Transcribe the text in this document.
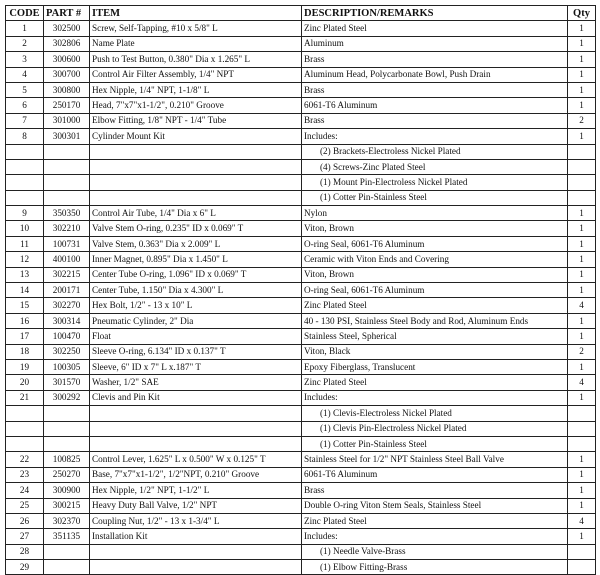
CODE	PART #	ITEM	DESCRIPTION/REMARKS	Qty
1	302500	Screw, Self-Tapping, #10 x 5/8" L	Zinc Plated Steel	1
2	302806	Name Plate	Aluminum	1
3	300600	Push to Test Button, 0.380" Dia x 1.265" L	Brass	1
4	300700	Control Air Filter Assembly, 1/4" NPT	Aluminum Head, Polycarbonate Bowl, Push Drain	1
5	300800	Hex Nipple, 1/4" NPT, 1-1/8" L	Brass	1
6	250170	Head, 7"x7"x1-1/2", 0.210" Groove	6061-T6 Aluminum	1
7	301000	Elbow Fitting, 1/8" NPT - 1/4" Tube	Brass	2
8	300301	Cylinder Mount Kit	Includes:	1
			(2) Brackets-Electroless Nickel Plated	
			(4) Screws-Zinc Plated Steel	
			(1) Mount Pin-Electroless Nickel Plated	
			(1) Cotter Pin-Stainless Steel	
9	350350	Control Air Tube, 1/4" Dia x 6" L	Nylon	1
10	302210	Valve Stem O-ring, 0.235" ID x 0.069" T	Viton, Brown	1
11	100731	Valve Stem, 0.363" Dia x 2.009" L	O-ring Seal, 6061-T6 Aluminum	1
12	400100	Inner Magnet, 0.895" Dia x 1.450" L	Ceramic with Viton Ends and Covering	1
13	302215	Center Tube O-ring, 1.096" ID x 0.069" T	Viton, Brown	1
14	200171	Center Tube, 1.150" Dia x 4.300" L	O-ring Seal, 6061-T6 Aluminum	1
15	302270	Hex Bolt, 1/2" - 13 x 10" L	Zinc Plated Steel	4
16	300314	Pneumatic Cylinder, 2" Dia	40 - 130 PSI, Stainless Steel Body and Rod, Aluminum Ends	1
17	100470	Float	Stainless Steel, Spherical	1
18	302250	Sleeve O-ring, 6.134" ID x 0.137" T	Viton, Black	2
19	100305	Sleeve, 6" ID x 7" L x.187" T	Epoxy Fiberglass, Translucent	1
20	301570	Washer, 1/2" SAE	Zinc Plated Steel	4
21	300292	Clevis and Pin Kit	Includes:	1
			(1) Clevis-Electroless Nickel Plated	
			(1) Clevis Pin-Electroless Nickel Plated	
			(1) Cotter Pin-Stainless Steel	
22	100825	Control Lever, 1.625" L x 0.500" W x 0.125" T	Stainless Steel for 1/2" NPT Stainless Steel Ball Valve	1
23	250270	Base, 7"x7"x1-1/2", 1/2"NPT, 0.210" Groove	6061-T6 Aluminum	1
24	300900	Hex Nipple, 1/2" NPT, 1-1/2" L	Brass	1
25	300215	Heavy Duty Ball Valve, 1/2" NPT	Double O-ring Viton Stem Seals, Stainless Steel	1
26	302370	Coupling Nut, 1/2" - 13 x 1-3/4" L	Zinc Plated Steel	4
27	351135	Installation Kit	Includes:	1
28			(1) Needle Valve-Brass	
29			(1) Elbow Fitting-Brass	
